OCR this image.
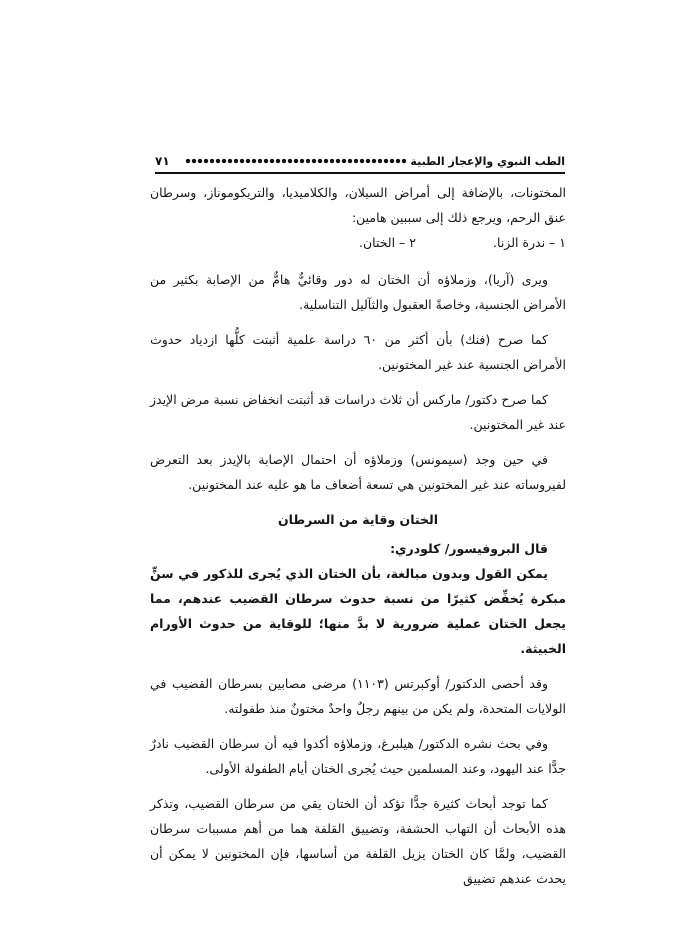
٧١	الطب النبوي والإعجاز الطبية

المختونات، بالإضافة إلى أمراض السيلان، والكلاميديا، والتريكوموناز، وسرطان عنق الرحم، ويرجع ذلك إلى سببين هامين:

١ – ندرة الزنا.
٢ – الختان.

ويرى (آريا)، وزملاؤه أن الختان له دور وقائيٌّ هامٌّ من الإصابة بكثير من الأمراض الجنسية، وخاصةً العقبول والثآليل التناسلية.

كما صرح (فنك) بأن أكثر من ٦٠ دراسة علمية أثبتت كلُّها ازدياد حدوث الأمراض الجنسية عند غير المختونين.

كما صرح دكتور/ ماركس أن ثلاث دراسات قد أثبتت انخفاض نسبة مرض الإيدز عند غير المختونين.

في حين وجد (سيمونس) وزملاؤه أن احتمال الإصابة بالإيدز بعد التعرض لفيروساته عند غير المختونين هي تسعة أضعاف ما هو عليه عند المختونين.

الختان وقاية من السرطان

قال البروفيسور/ كلودري:

يمكن القول وبدون مبالغة، بأن الختان الذي يُجرى للذكور في سنٍّ مبكرة يُخفِّض كثيرًا من نسبة حدوث سرطان القضيب عندهم، مما يجعل الختان عملية ضرورية لا بدَّ منها؛ للوقاية من حدوث الأورام الخبيثة.

وقد أحصى الدكتور/ أوكبرتس (١١٠٣) مرضى مصابين بسرطان القضيب في الولايات المتحدة، ولم يكن من بينهم رجلٌ واحدٌ مختونٌ منذ طفولته.

وفي بحث نشره الدكتور/ هيلبرغ، وزملاؤه أكدوا فيه أن سرطان القضيب نادرٌ جدًّا عند اليهود، وعند المسلمين حيث يُجرى الختان أيام الطفولة الأولى.

كما توجد أبحاث كثيرة جدًّا تؤكد أن الختان يقي من سرطان القضيب، وتذكر هذه الأبحاث أن التهاب الحشفة، وتضييق القلفة هما من أهم مسببات سرطان القضيب، ولمَّا كان الختان يزيل القلفة من أساسها، فإن المختونين لا يمكن أن يحدث عندهم تضييق
